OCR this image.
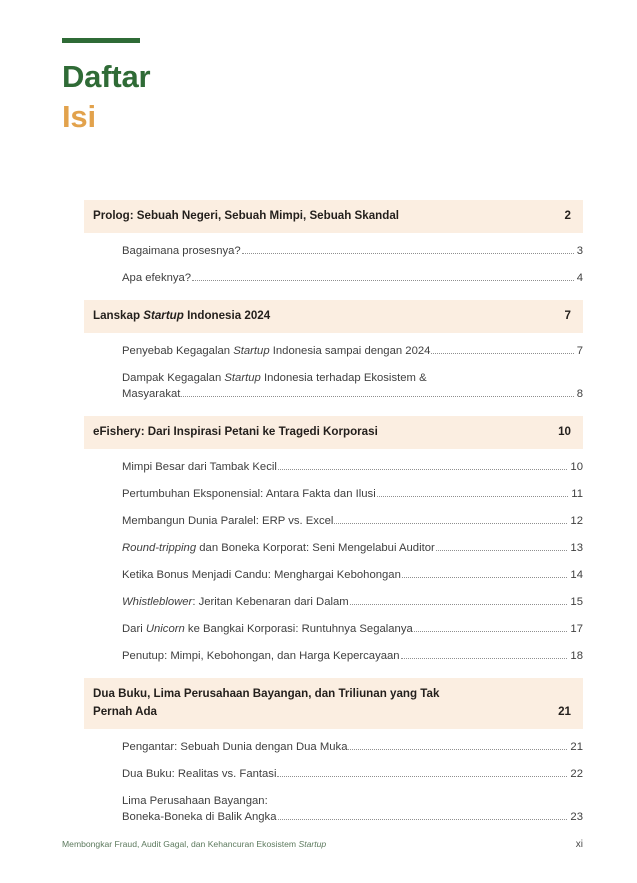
Daftar
Isi
Prolog: Sebuah Negeri, Sebuah Mimpi, Sebuah Skandal	2
Bagaimana prosesnya?	3
Apa efeknya?	4
Lanskap Startup Indonesia 2024	7
Penyebab Kegagalan Startup Indonesia sampai dengan 2024	7
Dampak Kegagalan Startup Indonesia terhadap Ekosistem &
Masyarakat	8
eFishery: Dari Inspirasi Petani ke Tragedi Korporasi	10
Mimpi Besar dari Tambak Kecil	10
Pertumbuhan Eksponensial: Antara Fakta dan Ilusi	11
Membangun Dunia Paralel: ERP vs. Excel	12
Round-tripping dan Boneka Korporat: Seni Mengelabui Auditor	13
Ketika Bonus Menjadi Candu: Menghargai Kebohongan	14
Whistleblower: Jeritan Kebenaran dari Dalam	15
Dari Unicorn ke Bangkai Korporasi: Runtuhnya Segalanya	17
Penutup: Mimpi, Kebohongan, dan Harga Kepercayaan	18
Dua Buku, Lima Perusahaan Bayangan, dan Triliunan yang Tak
Pernah Ada	21
Pengantar: Sebuah Dunia dengan Dua Muka	21
Dua Buku: Realitas vs. Fantasi	22
Lima Perusahaan Bayangan:
Boneka-Boneka di Balik Angka	23
Membongkar Fraud, Audit Gagal, dan Kehancuran Ekosistem Startup	xi
